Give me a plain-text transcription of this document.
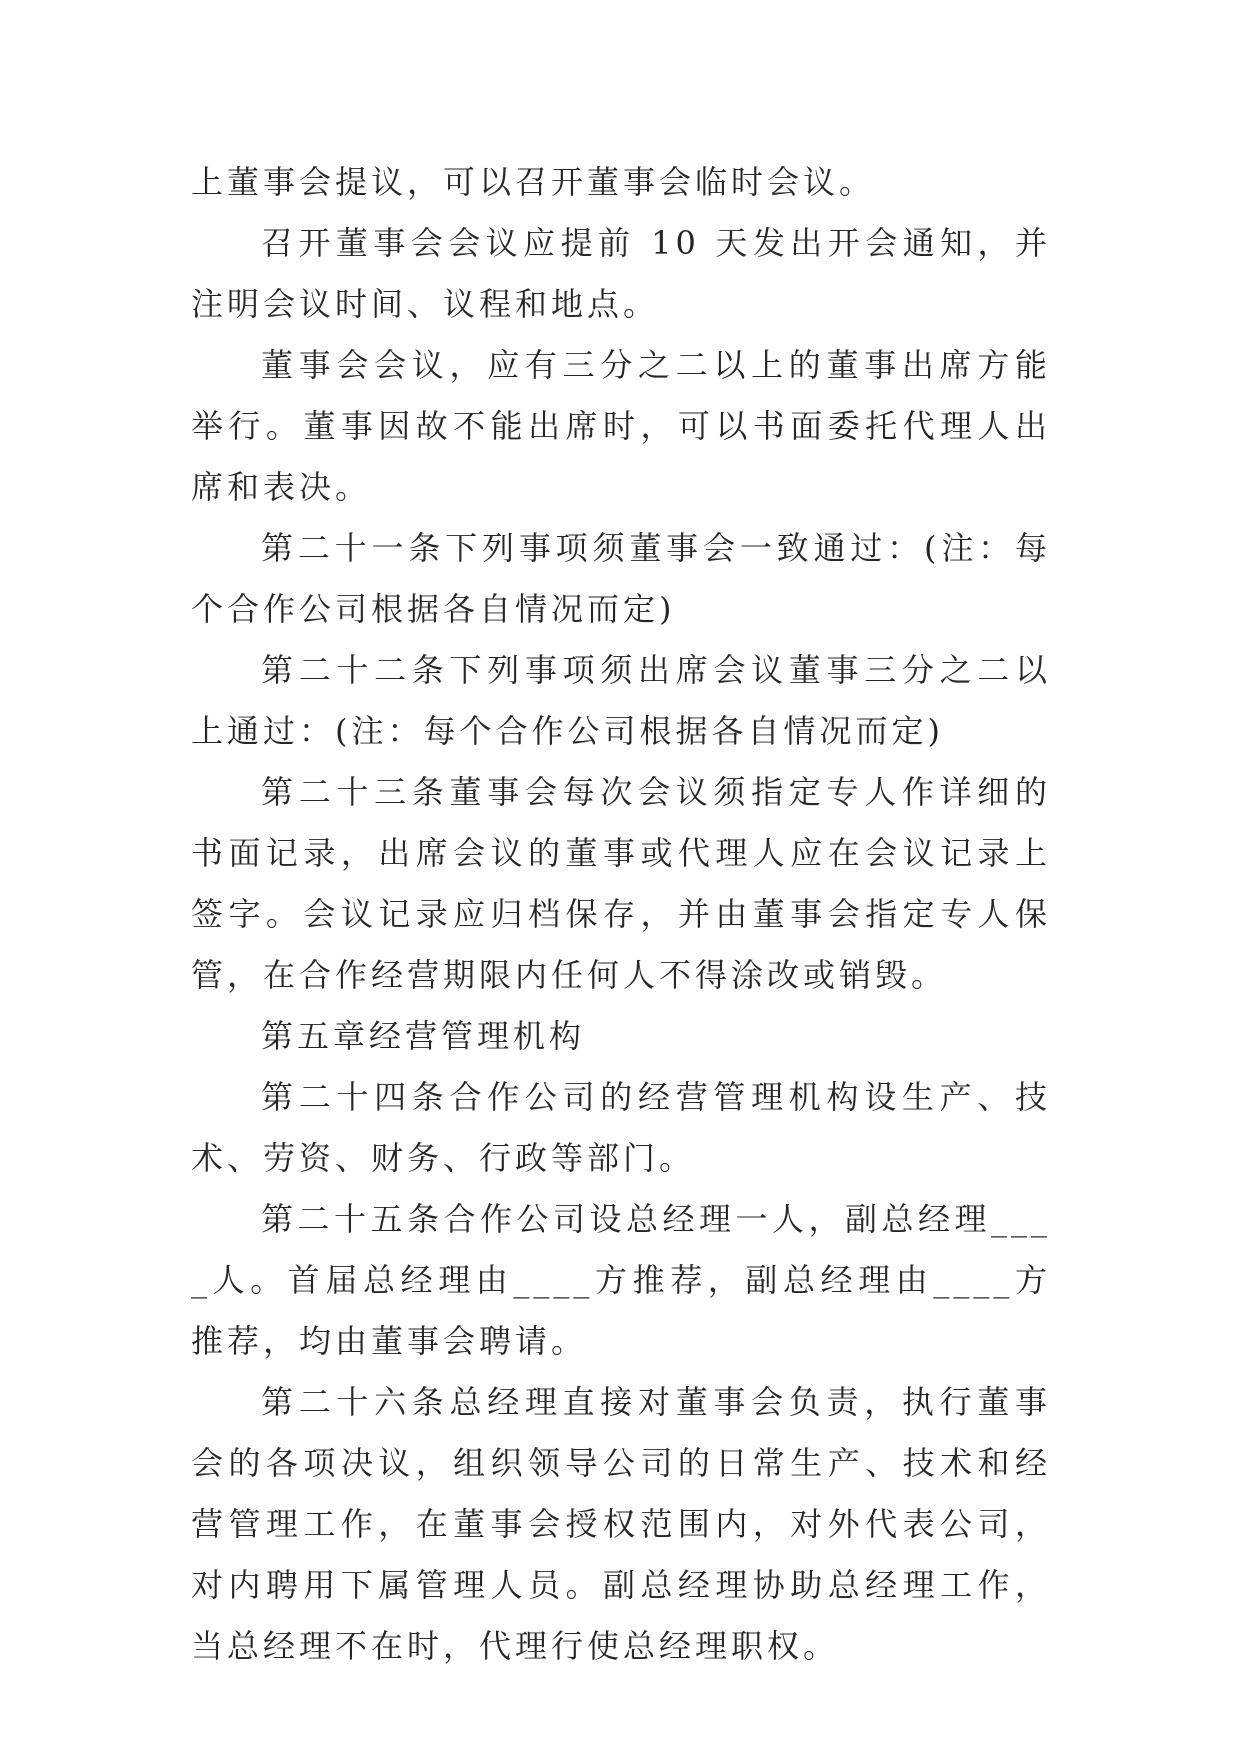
上董事会提议，可以召开董事会临时会议。

召开董事会会议应提前 10 天发出开会通知，并注明会议时间、议程和地点。

董事会会议，应有三分之二以上的董事出席方能举行。董事因故不能出席时，可以书面委托代理人出席和表决。

第二十一条下列事项须董事会一致通过：(注：每个合作公司根据各自情况而定)

第二十二条下列事项须出席会议董事三分之二以上通过：(注：每个合作公司根据各自情况而定)

第二十三条董事会每次会议须指定专人作详细的书面记录，出席会议的董事或代理人应在会议记录上签字。会议记录应归档保存，并由董事会指定专人保管，在合作经营期限内任何人不得涂改或销毁。

第五章经营管理机构

第二十四条合作公司的经营管理机构设生产、技术、劳资、财务、行政等部门。

第二十五条合作公司设总经理一人，副总经理____人。首届总经理由____方推荐，副总经理由____方推荐，均由董事会聘请。

第二十六条总经理直接对董事会负责，执行董事会的各项决议，组织领导公司的日常生产、技术和经营管理工作，在董事会授权范围内，对外代表公司，对内聘用下属管理人员。副总经理协助总经理工作，当总经理不在时，代理行使总经理职权。
